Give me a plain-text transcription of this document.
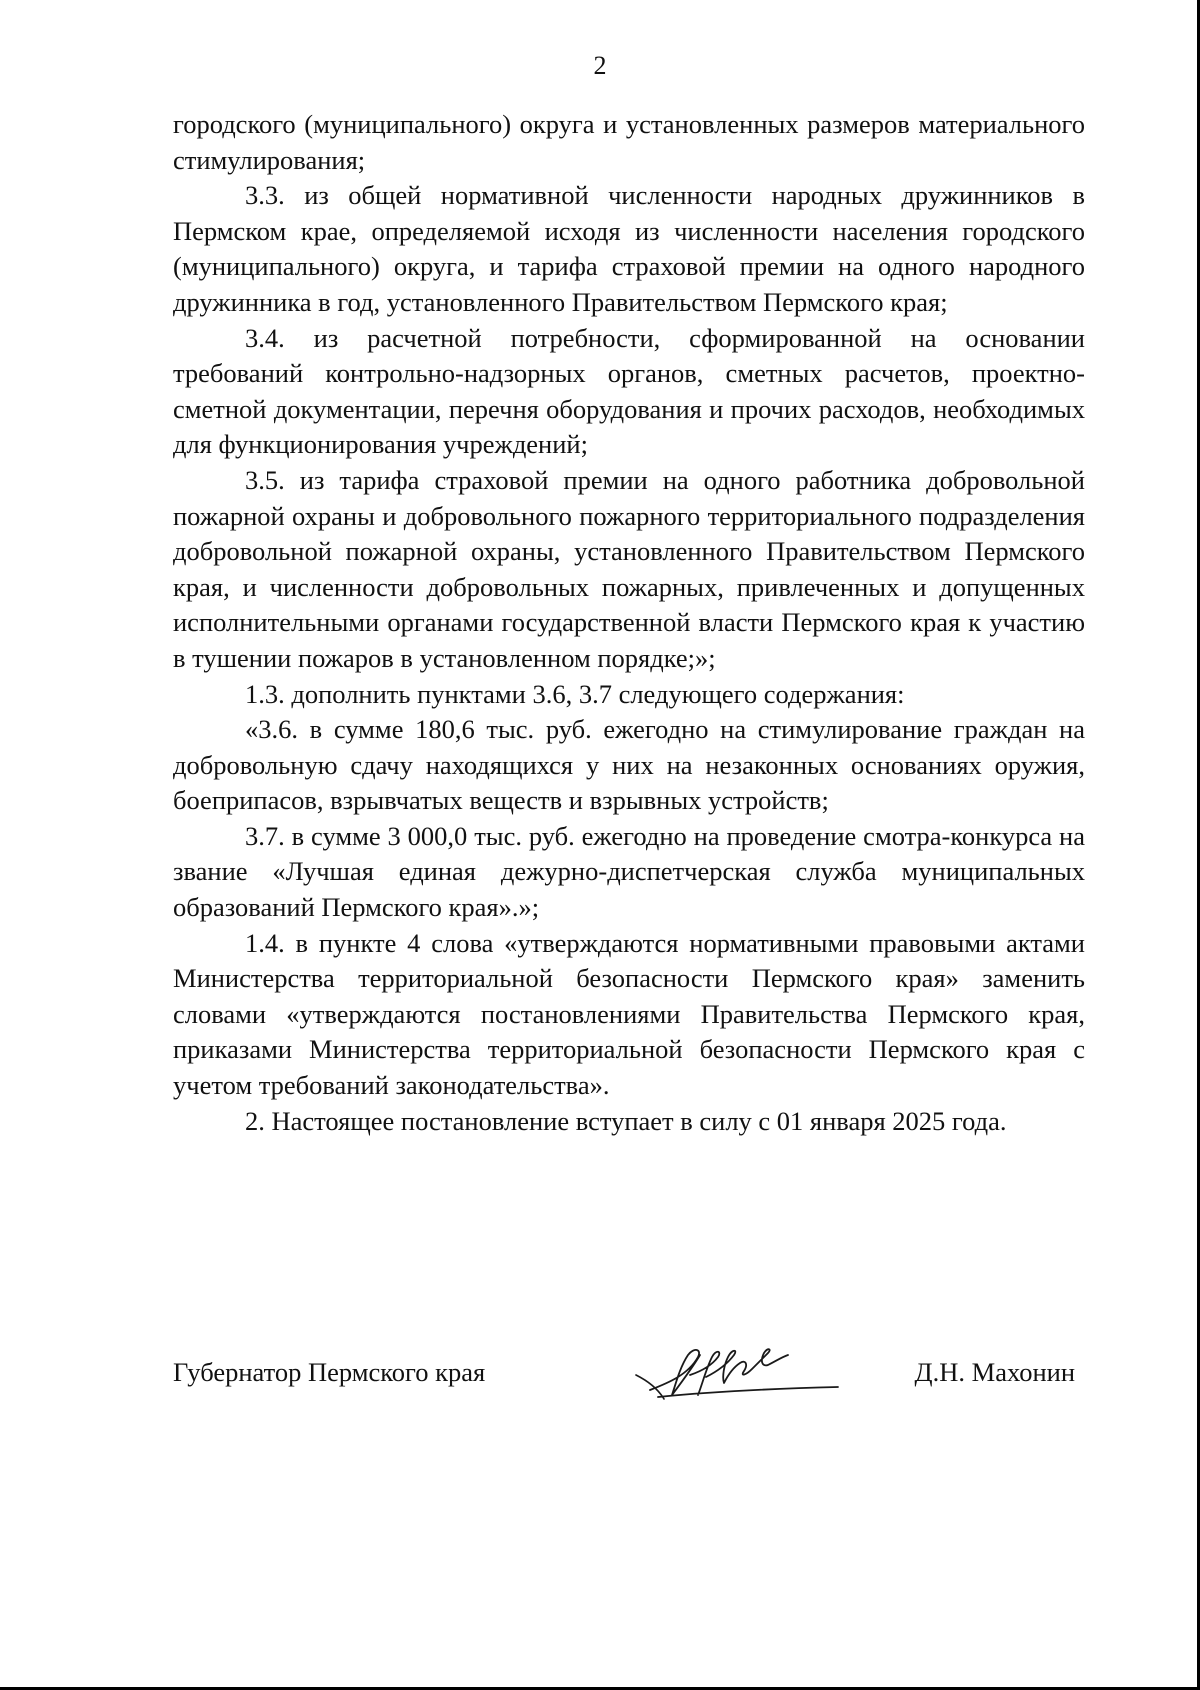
2

городского (муниципального) округа и установленных размеров материального стимулирования;

3.3. из общей нормативной численности народных дружинников в Пермском крае, определяемой исходя из численности населения городского (муниципального) округа, и тарифа страховой премии на одного народного дружинника в год, установленного Правительством Пермского края;

3.4. из расчетной потребности, сформированной на основании требований контрольно-надзорных органов, сметных расчетов, проектно-сметной документации, перечня оборудования и прочих расходов, необходимых для функционирования учреждений;

3.5. из тарифа страховой премии на одного работника добровольной пожарной охраны и добровольного пожарного территориального подразделения добровольной пожарной охраны, установленного Правительством Пермского края, и численности добровольных пожарных, привлеченных и допущенных исполнительными органами государственной власти Пермского края к участию в тушении пожаров в установленном порядке;»;

1.3. дополнить пунктами 3.6, 3.7 следующего содержания:

«3.6. в сумме 180,6 тыс. руб. ежегодно на стимулирование граждан на добровольную сдачу находящихся у них на незаконных основаниях оружия, боеприпасов, взрывчатых веществ и взрывных устройств;

3.7. в сумме 3 000,0 тыс. руб. ежегодно на проведение смотра-конкурса на звание «Лучшая единая дежурно-диспетчерская служба муниципальных образований Пермского края».»;

1.4. в пункте 4 слова «утверждаются нормативными правовыми актами Министерства территориальной безопасности Пермского края» заменить словами «утверждаются постановлениями Правительства Пермского края, приказами Министерства территориальной безопасности Пермского края с учетом требований законодательства».

2. Настоящее постановление вступает в силу с 01 января 2025 года.

Губернатор Пермского края	Д.Н. Махонин
